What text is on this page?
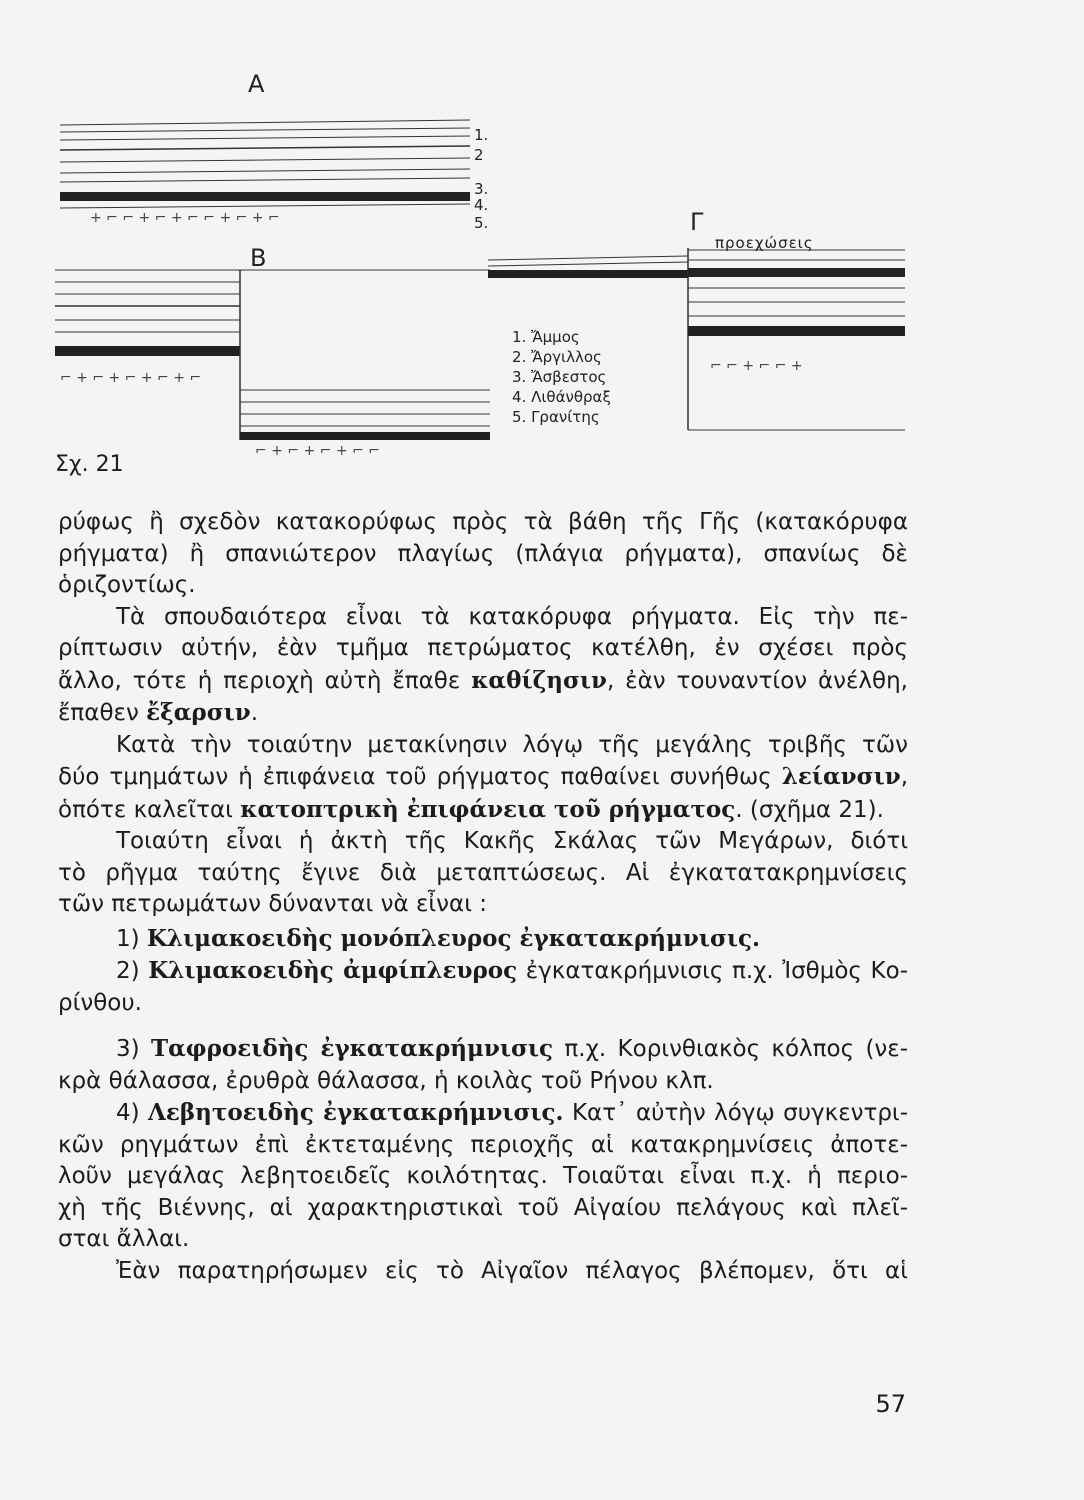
+ ⌐ ⌐ + ⌐ + ⌐ ⌐ + ⌐ + ⌐
⌐ + ⌐ + ⌐ + ⌐ + ⌐
⌐ + ⌐ + ⌐ + ⌐ ⌐
⌐ ⌐ + ⌐ ⌐ +
Α
Β
Γ
προεχώσεις
1.
2
3.
4.
5.
1. Ἄμμος
2. Ἄργιλλος
3. Ἄσβεστος
4. Λιθάνθραξ
5. Γρανίτης
Σχ. 21

ρύφως ἢ σχεδὸν κατακορύφως πρὸς τὰ βάθη τῆς Γῆς (κατακόρυφα

ρήγματα) ἢ σπανιώτερον πλαγίως (πλάγια ρήγματα), σπανίως δὲ

ὁριζοντίως.

Τὰ σπουδαιότερα εἶναι τὰ κατακόρυφα ρήγματα. Εἰς τὴν πε-

ρίπτωσιν αὐτήν, ἐὰν τμῆμα πετρώματος κατέλθη, ἐν σχέσει πρὸς

ἄλλο, τότε ἡ περιοχὴ αὐτὴ ἔπαθε καθίζησιν, ἐὰν τουναντίον ἀνέλθη,

ἔπαθεν ἔξαρσιν.

Κατὰ τὴν τοιαύτην μετακίνησιν λόγῳ τῆς μεγάλης τριβῆς τῶν

δύο τμημάτων ἡ ἐπιφάνεια τοῦ ρήγματος παθαίνει συνήθως λείανσιν,

ὁπότε καλεῖται κατοπτρικὴ ἐπιφάνεια τοῦ ρήγματος. (σχῆμα 21).

Τοιαύτη εἶναι ἡ ἀκτὴ τῆς Κακῆς Σκάλας τῶν Μεγάρων, διότι

τὸ ρῆγμα ταύτης ἔγινε διὰ μεταπτώσεως. Αἱ ἐγκατατακρημνίσεις

τῶν πετρωμάτων δύνανται νὰ εἶναι :

1) Κλιμακοειδὴς μονόπλευρος ἐγκατακρήμνισις.

2) Κλιμακοειδὴς ἀμφίπλευρος ἐγκατακρήμνισις π.χ. Ἰσθμὸς Κο-

ρίνθου.

3) Ταφροειδὴς ἐγκατακρήμνισις π.χ. Κορινθιακὸς κόλπος (νε-

κρὰ θάλασσα, ἐρυθρὰ θάλασσα, ἡ κοιλὰς τοῦ Ρήνου κλπ.

4) Λεβητοειδὴς ἐγκατακρήμνισις. Κατ᾽ αὐτὴν λόγῳ συγκεντρι-

κῶν ρηγμάτων ἐπὶ ἐκτεταμένης περιοχῆς αἱ κατακρημνίσεις ἀποτε-

λοῦν μεγάλας λεβητοειδεῖς κοιλότητας. Τοιαῦται εἶναι π.χ. ἡ περιο-

χὴ τῆς Βιέννης, αἱ χαρακτηριστικαὶ τοῦ Αἰγαίου πελάγους καὶ πλεῖ-

σται ἄλλαι.

Ἐὰν παρατηρήσωμεν εἰς τὸ Αἰγαῖον πέλαγος βλέπομεν, ὅτι αἱ

57
